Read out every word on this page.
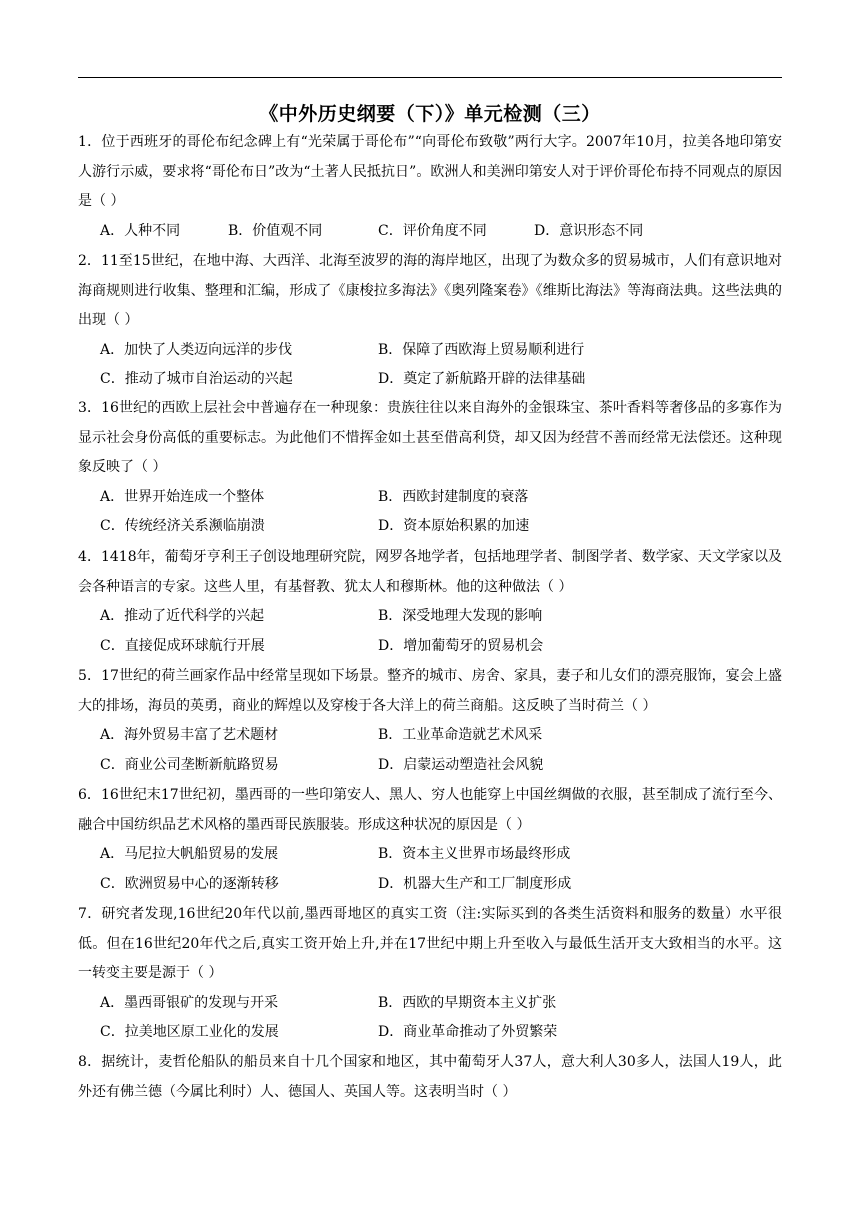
《中外历史纲要（下）》单元检测（三）
1．位于西班牙的哥伦布纪念碑上有“光荣属于哥伦布”“向哥伦布致敬”两行大字。2007年10月，拉美各地印第安人游行示威，要求将“哥伦布日”改为“土著人民抵抗日”。欧洲人和美洲印第安人对于评价哥伦布持不同观点的原因是（ ）
A．人种不同	B．价值观不同	C．评价角度不同	D．意识形态不同
2．11至15世纪，在地中海、大西洋、北海至波罗的海的海岸地区，出现了为数众多的贸易城市，人们有意识地对海商规则进行收集、整理和汇编，形成了《康梭拉多海法》《奥列隆案卷》《维斯比海法》等海商法典。这些法典的出现（ ）
A．加快了人类迈向远洋的步伐	B．保障了西欧海上贸易顺利进行
C．推动了城市自治运动的兴起	D．奠定了新航路开辟的法律基础
3．16世纪的西欧上层社会中普遍存在一种现象：贵族往往以来自海外的金银珠宝、茶叶香料等奢侈品的多寡作为显示社会身份高低的重要标志。为此他们不惜挥金如土甚至借高利贷，却又因为经营不善而经常无法偿还。这种现象反映了（ ）
A．世界开始连成一个整体	B．西欧封建制度的衰落
C．传统经济关系濒临崩溃	D．资本原始积累的加速
4．1418年，葡萄牙亨利王子创设地理研究院，网罗各地学者，包括地理学者、制图学者、数学家、天文学家以及会各种语言的专家。这些人里，有基督教、犹太人和穆斯林。他的这种做法（ ）
A．推动了近代科学的兴起	B．深受地理大发现的影响
C．直接促成环球航行开展	D．增加葡萄牙的贸易机会
5．17世纪的荷兰画家作品中经常呈现如下场景。整齐的城市、房舍、家具，妻子和儿女们的漂亮服饰，宴会上盛大的排场，海员的英勇，商业的辉煌以及穿梭于各大洋上的荷兰商船。这反映了当时荷兰（ ）
A．海外贸易丰富了艺术题材	B．工业革命造就艺术风采
C．商业公司垄断新航路贸易	D．启蒙运动塑造社会风貌
6．16世纪末17世纪初，墨西哥的一些印第安人、黑人、穷人也能穿上中国丝绸做的衣服，甚至制成了流行至今、融合中国纺织品艺术风格的墨西哥民族服装。形成这种状况的原因是（ ）
A．马尼拉大帆船贸易的发展	B．资本主义世界市场最终形成
C．欧洲贸易中心的逐渐转移	D．机器大生产和工厂制度形成
7．研究者发现,16世纪20年代以前,墨西哥地区的真实工资（注:实际买到的各类生活资料和服务的数量）水平很低。但在16世纪20年代之后,真实工资开始上升,并在17世纪中期上升至收入与最低生活开支大致相当的水平。这一转变主要是源于（ ）
A．墨西哥银矿的发现与开采	B．西欧的早期资本主义扩张
C．拉美地区原工业化的发展	D．商业革命推动了外贸繁荣
8．据统计，麦哲伦船队的船员来自十几个国家和地区，其中葡萄牙人37人，意大利人30多人，法国人19人，此外还有佛兰德（今属比利时）人、德国人、英国人等。这表明当时（ ）
